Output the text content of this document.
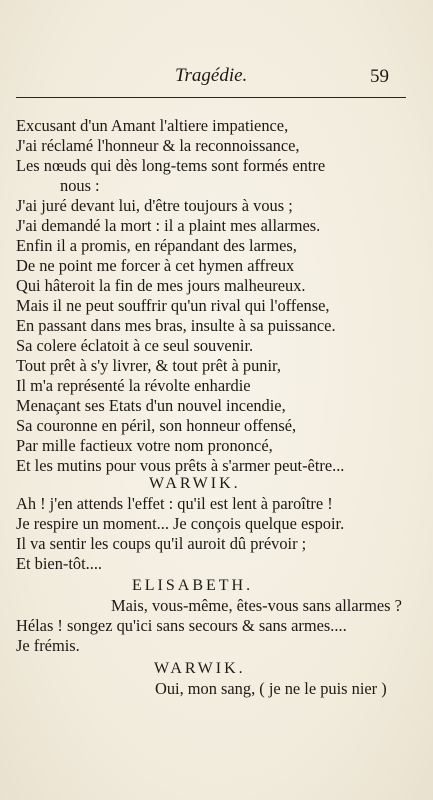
Tragédie.	59
Excusant d'un Amant l'altiere impatience,
J'ai réclamé l'honneur & la reconnoissance,
Les nœuds qui dès long-tems sont formés entre
nous :
J'ai juré devant lui, d'être toujours à vous ;
J'ai demandé la mort : il a plaint mes allarmes.
Enfin il a promis, en répandant des larmes,
De ne point me forcer à cet hymen affreux
Qui hâteroit la fin de mes jours malheureux.
Mais il ne peut souffrir qu'un rival qui l'offense,
En passant dans mes bras, insulte à sa puissance.
Sa colere éclatoit à ce seul souvenir.
Tout prêt à s'y livrer, & tout prêt à punir,
Il m'a représenté la révolte enhardie
Menaçant ses Etats d'un nouvel incendie,
Sa couronne en péril, son honneur offensé,
Par mille factieux votre nom prononcé,
Et les mutins pour vous prêts à s'armer peut-être...
WARWIK.
Ah ! j'en attends l'effet : qu'il est lent à paroître !
Je respire un moment... Je conçois quelque espoir.
Il va sentir les coups qu'il auroit dû prévoir ;
Et bien-tôt....
ELISABETH.
Mais, vous-même, êtes-vous sans allarmes ?
Hélas ! songez qu'ici sans secours & sans armes....
Je frémis.
WARWIK.
Oui, mon sang, ( je ne le puis nier )
